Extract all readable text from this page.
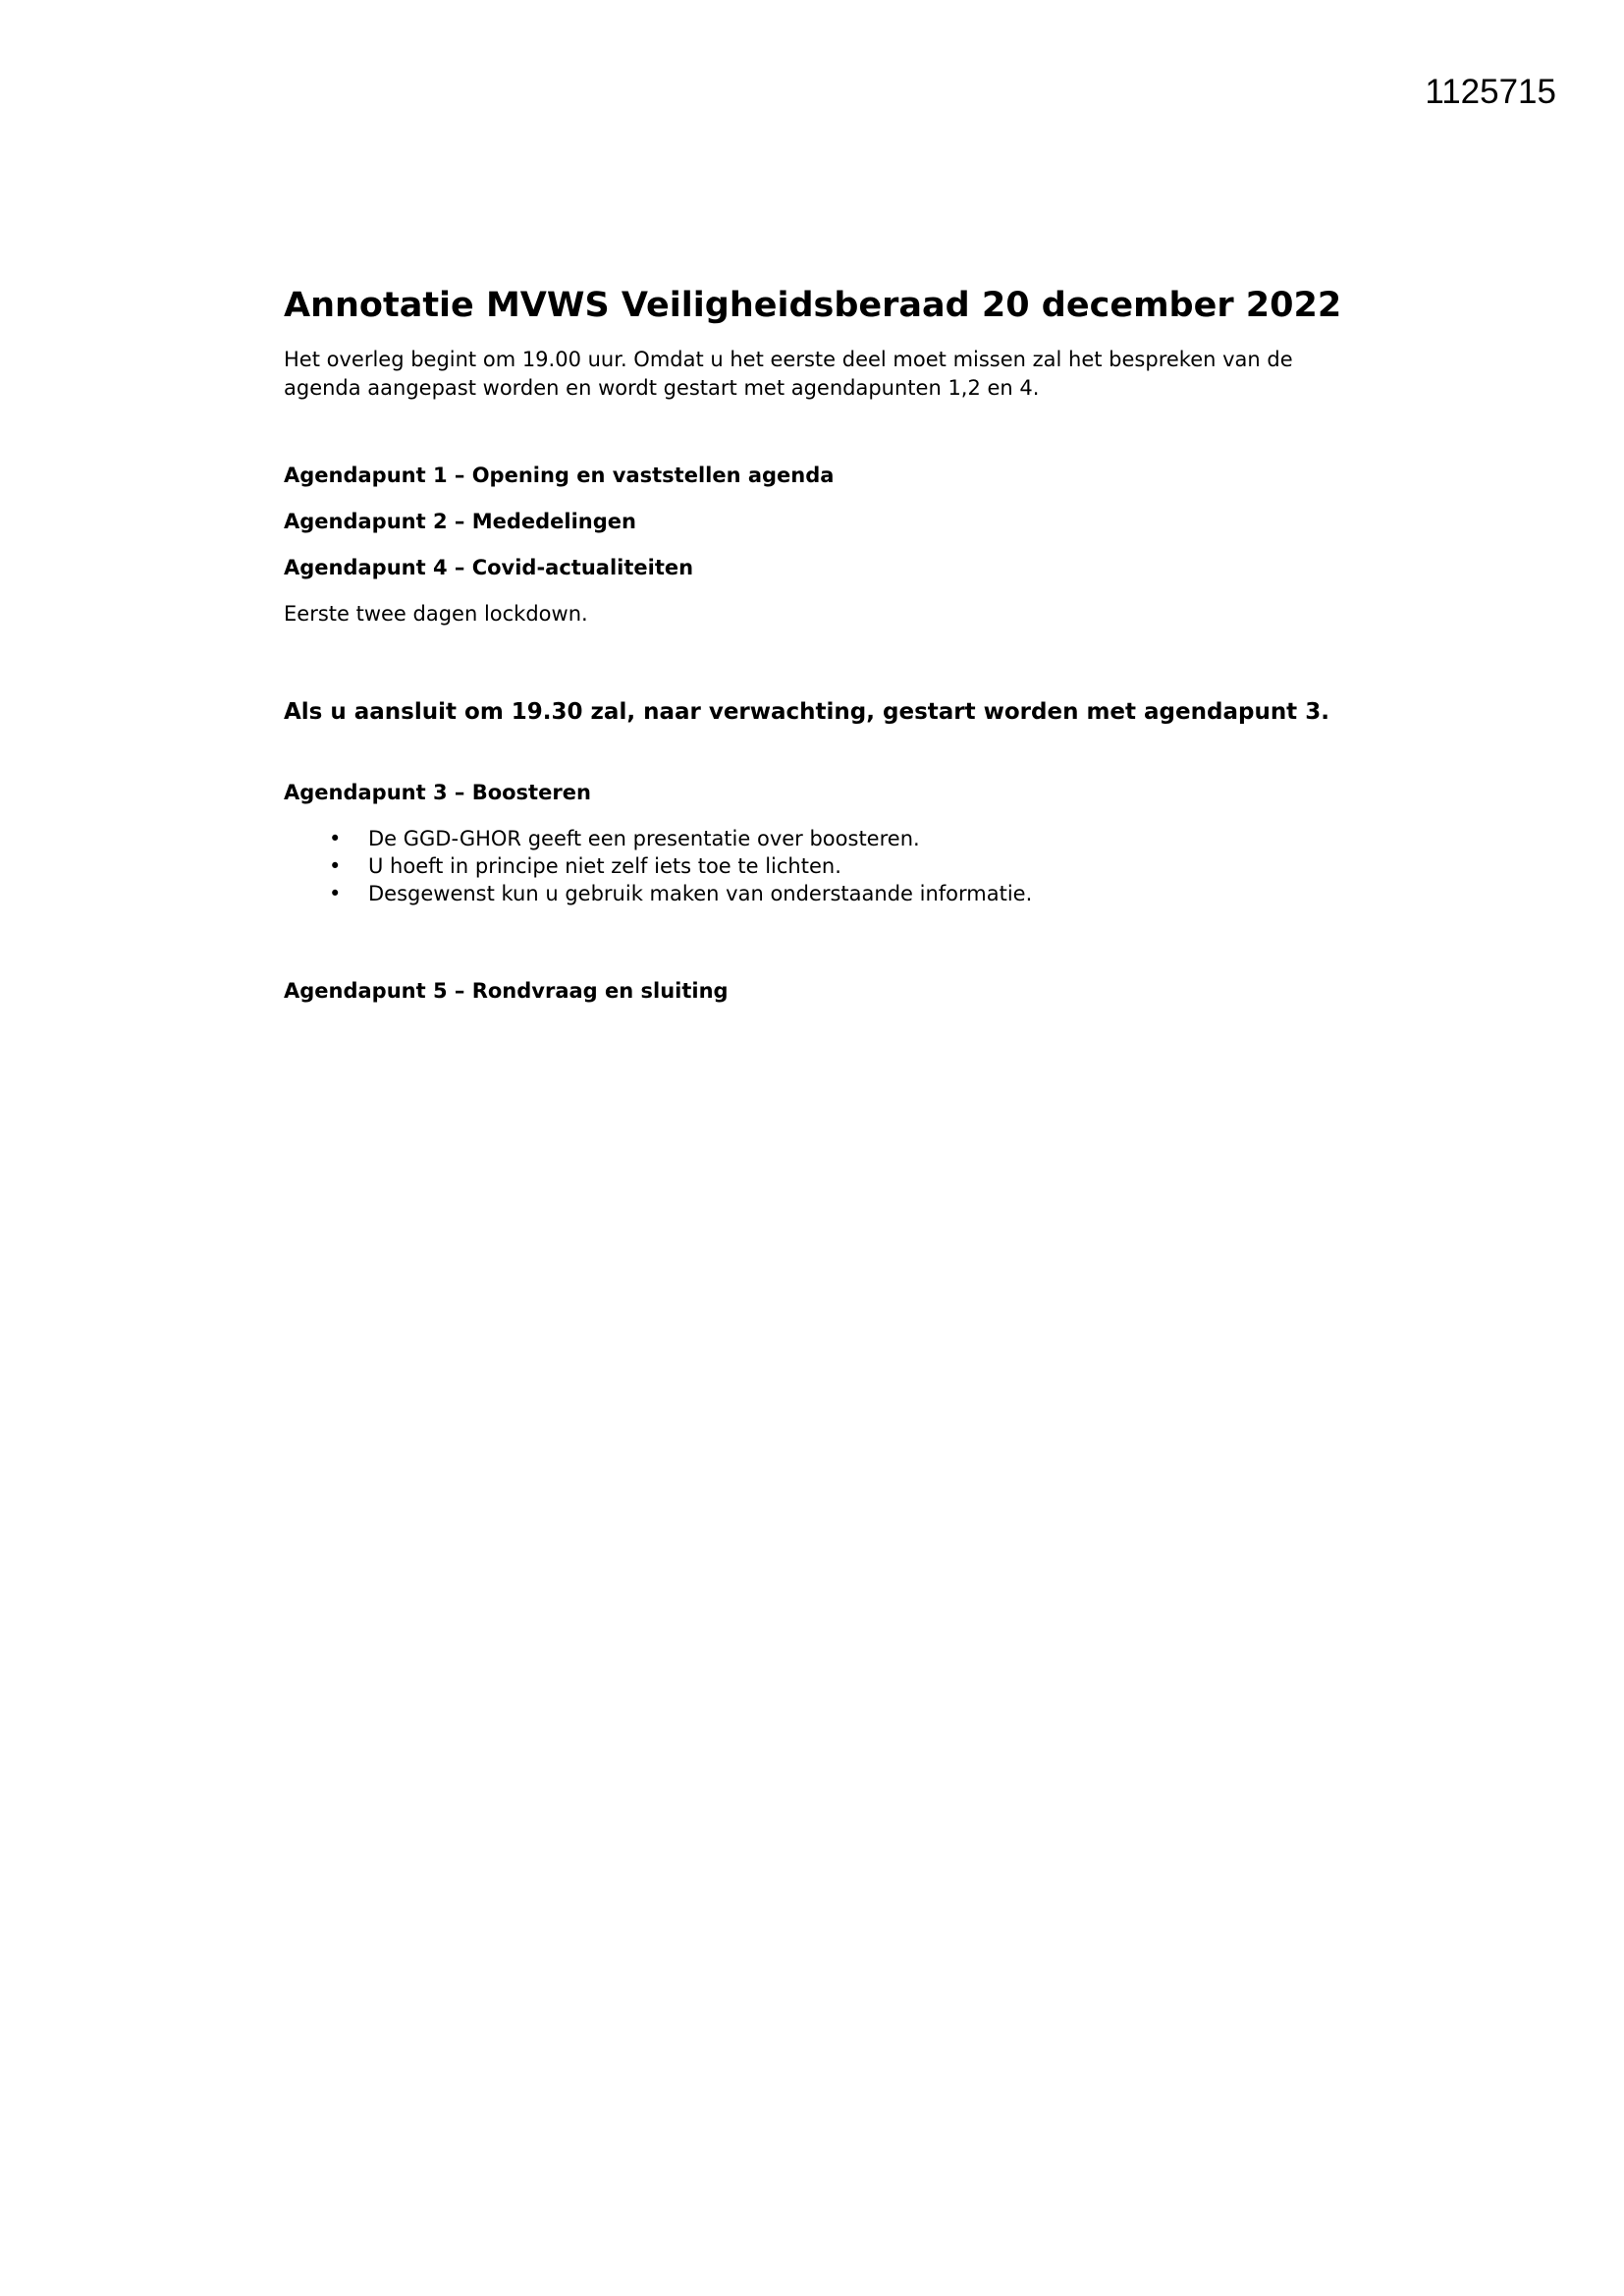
1125715
Annotatie MVWS Veiligheidsberaad 20 december 2022

Het overleg begint om 19.00 uur. Omdat u het eerste deel moet missen zal het bespreken van de
agenda aangepast worden en wordt gestart met agendapunten 1,2 en 4.

Agendapunt 1 – Opening en vaststellen agenda

Agendapunt 2 – Mededelingen

Agendapunt 4 – Covid-actualiteiten

Eerste twee dagen lockdown.

Als u aansluit om 19.30 zal, naar verwachting, gestart worden met agendapunt 3.

Agendapunt 3 – Boosteren

• De GGD-GHOR geeft een presentatie over boosteren.
• U hoeft in principe niet zelf iets toe te lichten.
• Desgewenst kun u gebruik maken van onderstaande informatie.

Agendapunt 5 – Rondvraag en sluiting
